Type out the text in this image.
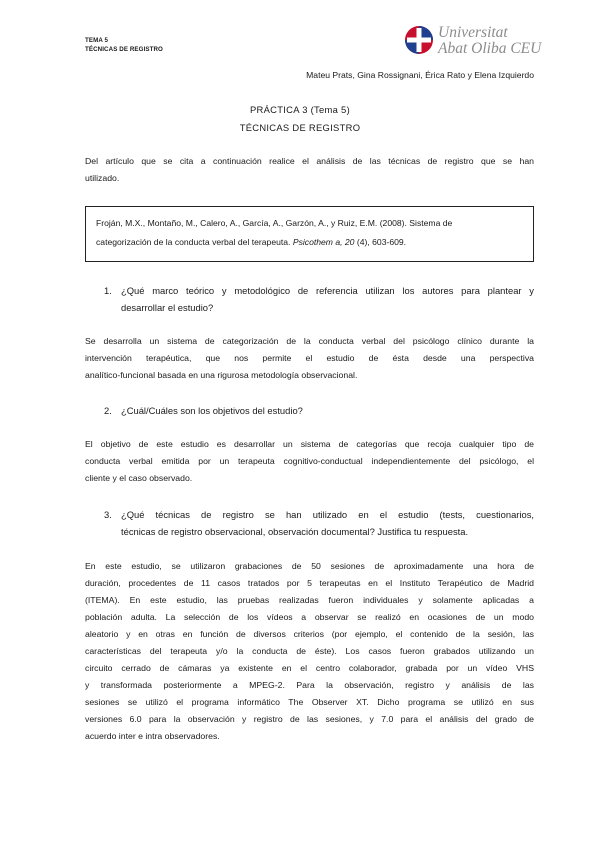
TEMA 5
TÉCNICAS DE REGISTRO
Universitat
Abat Oliba CEU
Mateu Prats, Gina Rossignani, Érica Rato y Elena Izquierdo
PRÁCTICA 3 (Tema 5)
TÉCNICAS DE REGISTRO
Del artículo que se cita a continuación realice el análisis de las técnicas de registro que se han
utilizado.
Froján, M.X., Montaño, M., Calero, A., García, A., Garzón, A., y Ruiz, E.M. (2008). Sistema de
categorización de la conducta verbal del terapeuta. Psicothem a, 20 (4), 603-609.
1. ¿Qué marco teórico y metodológico de referencia utilizan los autores para plantear y
desarrollar el estudio?
Se desarrolla un sistema de categorización de la conducta verbal del psicólogo clínico durante la
intervención terapéutica, que nos permite el estudio de ésta desde una perspectiva
analítico-funcional basada en una rigurosa metodología observacional.
2. ¿Cuál/Cuáles son los objetivos del estudio?
El objetivo de este estudio es desarrollar un sistema de categorías que recoja cualquier tipo de
conducta verbal emitida por un terapeuta cognitivo-conductual independientemente del psicólogo, el
cliente y el caso observado.
3. ¿Qué técnicas de registro se han utilizado en el estudio (tests, cuestionarios,
técnicas de registro observacional, observación documental? Justifica tu respuesta.
En este estudio, se utilizaron grabaciones de 50 sesiones de aproximadamente una hora de
duración, procedentes de 11 casos tratados por 5 terapeutas en el Instituto Terapéutico de Madrid
(ITEMA). En este estudio, las pruebas realizadas fueron individuales y solamente aplicadas a
población adulta. La selección de los vídeos a observar se realizó en ocasiones de un modo
aleatorio y en otras en función de diversos criterios (por ejemplo, el contenido de la sesión, las
características del terapeuta y/o la conducta de éste). Los casos fueron grabados utilizando un
circuito cerrado de cámaras ya existente en el centro colaborador, grabada por un vídeo VHS
y transformada posteriormente a MPEG-2. Para la observación, registro y análisis de las
sesiones se utilizó el programa informático The Observer XT. Dicho programa se utilizó en sus
versiones 6.0 para la observación y registro de las sesiones, y 7.0 para el análisis del grado de
acuerdo inter e intra observadores.
